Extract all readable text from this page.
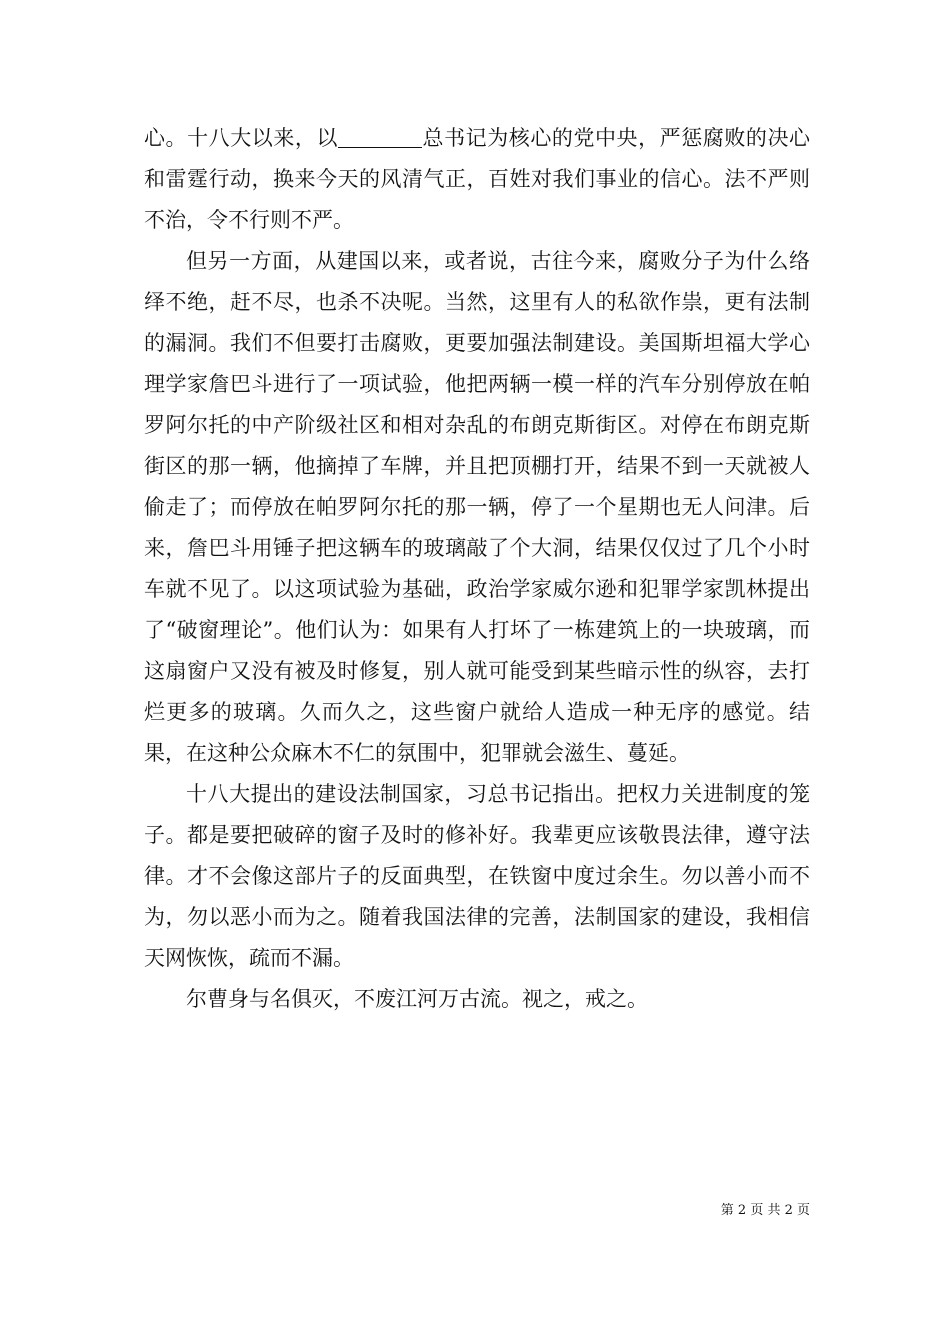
心。十八大以来，以	总书记为核心的党中央，严惩腐败的决心和雷霆行动，换来今天的风清气正，百姓对我们事业的信心。法不严则不治，令不行则不严。

但另一方面，从建国以来，或者说，古往今来，腐败分子为什么络绎不绝，赶不尽，也杀不决呢。当然，这里有人的私欲作祟，更有法制的漏洞。我们不但要打击腐败，更要加强法制建设。美国斯坦福大学心理学家詹巴斗进行了一项试验，他把两辆一模一样的汽车分别停放在帕罗阿尔托的中产阶级社区和相对杂乱的布朗克斯街区。对停在布朗克斯街区的那一辆，他摘掉了车牌，并且把顶棚打开，结果不到一天就被人偷走了；而停放在帕罗阿尔托的那一辆，停了一个星期也无人问津。后来，詹巴斗用锤子把这辆车的玻璃敲了个大洞，结果仅仅过了几个小时车就不见了。以这项试验为基础，政治学家威尔逊和犯罪学家凯林提出了“破窗理论”。他们认为：如果有人打坏了一栋建筑上的一块玻璃，而这扇窗户又没有被及时修复，别人就可能受到某些暗示性的纵容，去打烂更多的玻璃。久而久之，这些窗户就给人造成一种无序的感觉。结果，在这种公众麻木不仁的氛围中，犯罪就会滋生、蔓延。

十八大提出的建设法制国家，习总书记指出。把权力关进制度的笼子。都是要把破碎的窗子及时的修补好。我辈更应该敬畏法律，遵守法律。才不会像这部片子的反面典型，在铁窗中度过余生。勿以善小而不为，勿以恶小而为之。随着我国法律的完善，法制国家的建设，我相信天网恢恢，疏而不漏。

尔曹身与名俱灭，不废江河万古流。视之，戒之。

第 2 页 共 2 页
